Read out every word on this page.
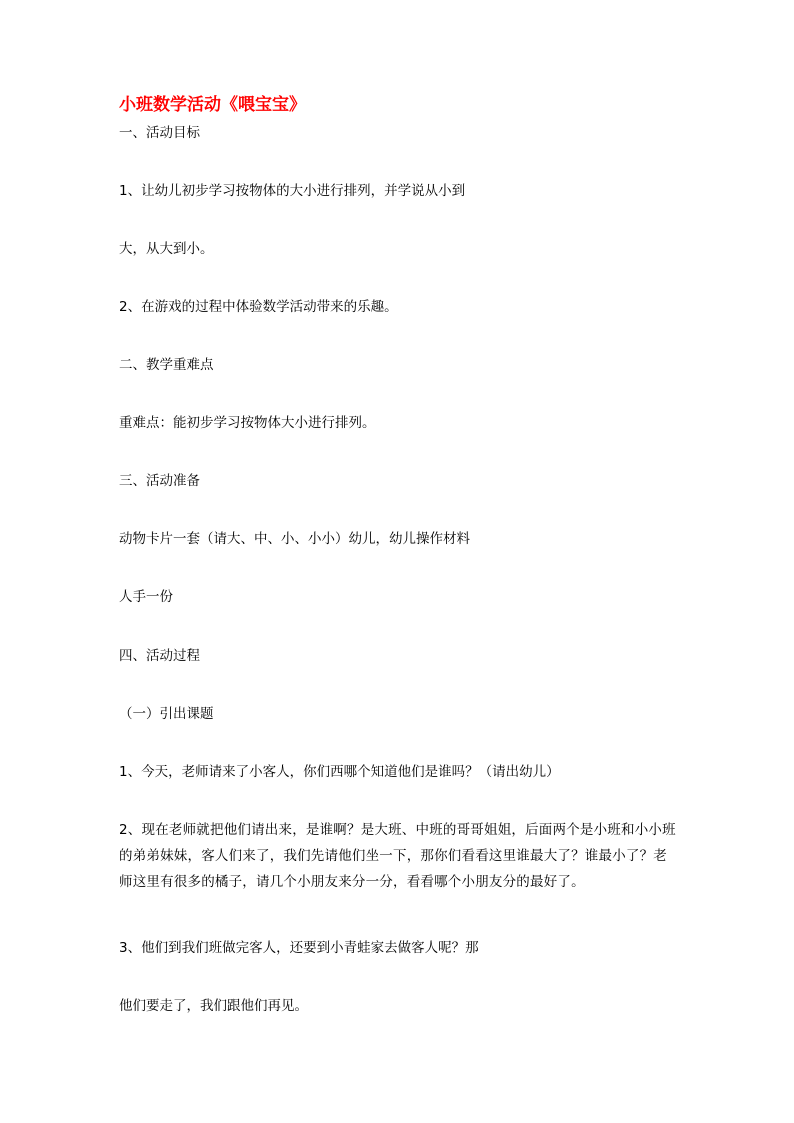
小班数学活动《喂宝宝》
一、活动目标
1、让幼儿初步学习按物体的大小进行排列，并学说从小到
大，从大到小。
2、在游戏的过程中体验数学活动带来的乐趣。
二、教学重难点
重难点：能初步学习按物体大小进行排列。
三、活动准备
动物卡片一套（请大、中、小、小小）幼儿，幼儿操作材料
人手一份
四、活动过程
（一）引出课题
1、今天，老师请来了小客人，你们西哪个知道他们是谁吗？（请出幼儿）
2、现在老师就把他们请出来，是谁啊？是大班、中班的哥哥姐姐，后面两个是小班和小小班的弟弟妹妹，客人们来了，我们先请他们坐一下，那你们看看这里谁最大了？谁最小了？老师这里有很多的橘子，请几个小朋友来分一分，看看哪个小朋友分的最好了。
3、他们到我们班做完客人，还要到小青蛙家去做客人呢？那
他们要走了，我们跟他们再见。
